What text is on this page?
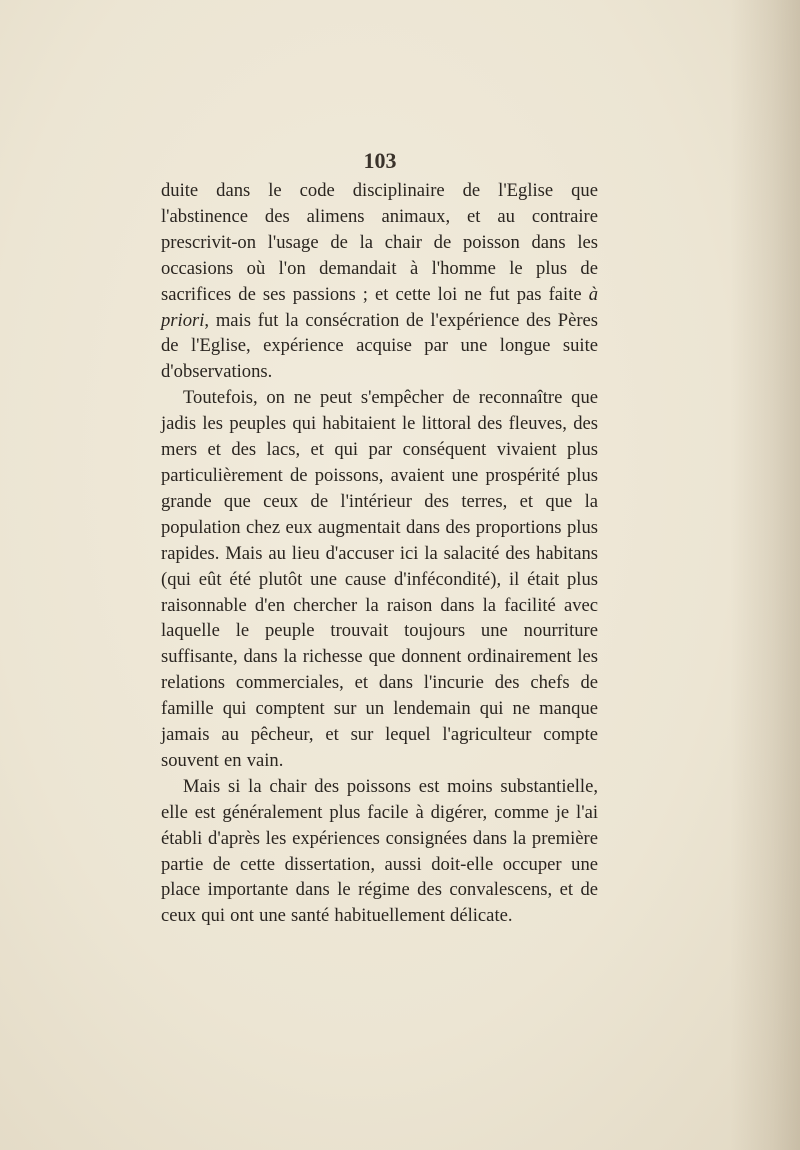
103

duite dans le code disciplinaire de l'Eglise que l'abstinence des alimens animaux, et au contraire prescrivit-on l'usage de la chair de poisson dans les occasions où l'on demandait à l'homme le plus de sacrifices de ses passions ; et cette loi ne fut pas faite à priori, mais fut la consécration de l'expérience des Pères de l'Eglise, expérience acquise par une longue suite d'observations.

Toutefois, on ne peut s'empêcher de reconnaître que jadis les peuples qui habitaient le littoral des fleuves, des mers et des lacs, et qui par conséquent vivaient plus particulièrement de poissons, avaient une prospérité plus grande que ceux de l'intérieur des terres, et que la population chez eux augmentait dans des proportions plus rapides. Mais au lieu d'accuser ici la salacité des habitans (qui eût été plutôt une cause d'infécondité), il était plus raisonnable d'en chercher la raison dans la facilité avec laquelle le peuple trouvait toujours une nourriture suffisante, dans la richesse que donnent ordinairement les relations commerciales, et dans l'incurie des chefs de famille qui comptent sur un lendemain qui ne manque jamais au pêcheur, et sur lequel l'agriculteur compte souvent en vain.

Mais si la chair des poissons est moins substantielle, elle est généralement plus facile à digérer, comme je l'ai établi d'après les expériences consignées dans la première partie de cette dissertation, aussi doit-elle occuper une place importante dans le régime des convalescens, et de ceux qui ont une santé habituellement délicate.
